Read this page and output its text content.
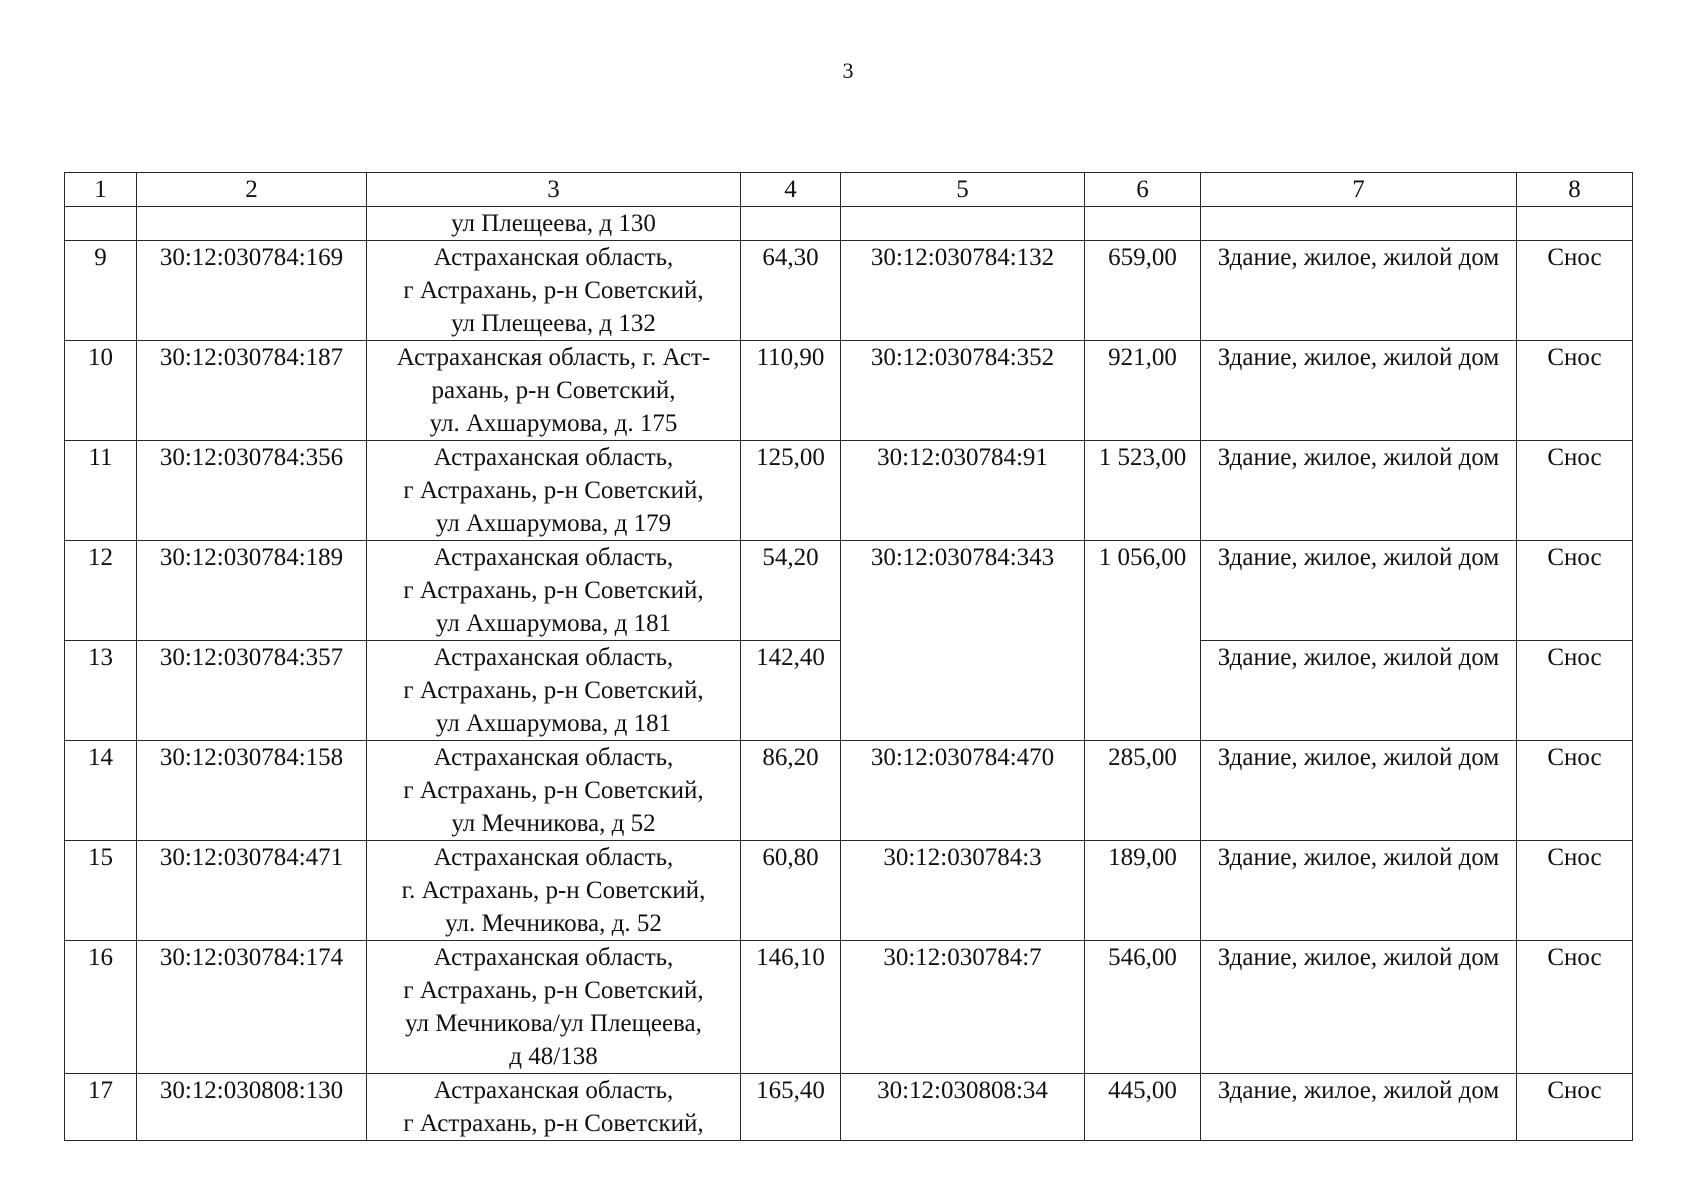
3
1	2	3	4	5	6	7	8

		ул Плещеева, д 130					

9	30:12:030784:169	Астраханская область,
г Астрахань, р-н Советский,
ул Плещеева, д 132	64,30	30:12:030784:132	659,00	Здание, жилое, жилой дом	Снос
10	30:12:030784:187	Астраханская область, г. Аст-
рахань, р-н Советский,
ул. Ахшарумова, д. 175	110,90	30:12:030784:352	921,00	Здание, жилое, жилой дом	Снос
11	30:12:030784:356	Астраханская область,
г Астрахань, р-н Советский,
ул Ахшарумова, д 179	125,00	30:12:030784:91	1 523,00	Здание, жилое, жилой дом	Снос
12	30:12:030784:189	Астраханская область,
г Астрахань, р-н Советский,
ул Ахшарумова, д 181	54,20	30:12:030784:343	1 056,00	Здание, жилое, жилой дом	Снос
13	30:12:030784:357	Астраханская область,
г Астрахань, р-н Советский,
ул Ахшарумова, д 181	142,40			Здание, жилое, жилой дом	Снос
14	30:12:030784:158	Астраханская область,
г Астрахань, р-н Советский,
ул Мечникова, д 52	86,20	30:12:030784:470	285,00	Здание, жилое, жилой дом	Снос
15	30:12:030784:471	Астраханская область,
г. Астрахань, р-н Советский,
ул. Мечникова, д. 52	60,80	30:12:030784:3	189,00	Здание, жилое, жилой дом	Снос
16	30:12:030784:174	Астраханская область,
г Астрахань, р-н Советский,
ул Мечникова/ул Плещеева,
д 48/138	146,10	30:12:030784:7	546,00	Здание, жилое, жилой дом	Снос
17	30:12:030808:130	Астраханская область,
г Астрахань, р-н Советский,	165,40	30:12:030808:34	445,00	Здание, жилое, жилой дом	Снос
